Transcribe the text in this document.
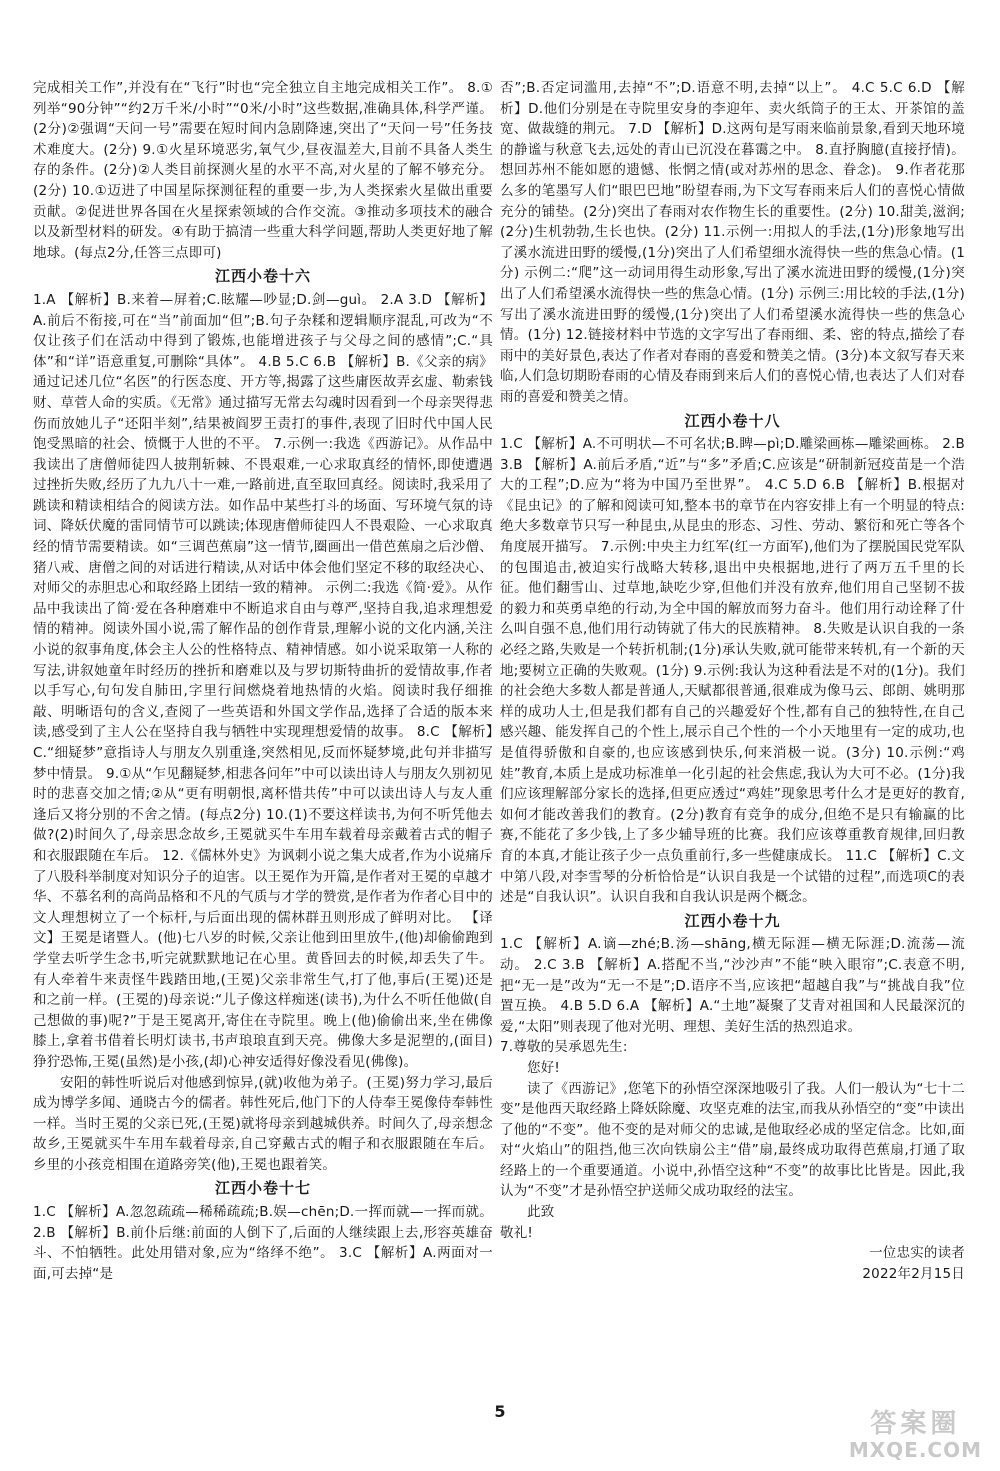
完成相关工作”,并没有在“飞行”时也“完全独立自主地完成相关工作”。 8.①列举“90分钟”“约2万千米/小时”“0米/小时”这些数据,准确具体,科学严谨。(2分)②强调“天问一号”需要在短时间内急剧降速,突出了“天问一号”任务技术难度大。(2分) 9.①火星环境恶劣,氧气少,昼夜温差大,目前不具备人类生存的条件。(2分)②人类目前探测火星的水平不高,对火星的了解不够充分。(2分) 10.①迈进了中国星际探测征程的重要一步,为人类探索火星做出重要贡献。②促进世界各国在火星探索领域的合作交流。③推动多项技术的融合以及新型材料的研发。④有助于搞清一些重大科学问题,帮助人类更好地了解地球。(每点2分,任答三点即可)

江西小卷十六

1.A 【解析】B.来着—屏着;C.眩耀—吵显;D.剑—guì。 2.A 3.D 【解析】A.前后不衔接,可在“当”前面加“但”;B.句子杂糅和逻辑顺序混乱,可改为“不仅让孩子们在活动中得到了锻炼,也能增进孩子与父母之间的感情”;C.“具体”和“详”语意重复,可删除“具体”。 4.B 5.C 6.B 【解析】B.《父亲的病》通过记述几位“名医”的行医态度、开方等,揭露了这些庸医故弄玄虚、勒索钱财、草菅人命的实质。《无常》通过描写无常去勾魂时因看到一个母亲哭得悲伤而放她儿子“还阳半刻”,结果被阎罗王责打的事件,表现了旧时代中国人民饱受黑暗的社会、愤慨于人世的不平。 7.示例一:我选《西游记》。从作品中我读出了唐僧师徒四人披荆斩棘、不畏艰难,一心求取真经的情怀,即使遭遇过挫折失败,经历了九九八十一难,一路前进,直至取回真经。阅读时,我采用了跳读和精读相结合的阅读方法。如作品中某些打斗的场面、写环境气氛的诗词、降妖伏魔的雷同情节可以跳读;体现唐僧师徒四人不畏艰险、一心求取真经的情节需要精读。如“三调芭蕉扇”这一情节,圈画出一借芭蕉扇之后沙僧、猪八戒、唐僧之间的对话进行精读,从对话中体会他们坚定不移的取经决心、对师父的赤胆忠心和取经路上团结一致的精神。 示例二:我选《简·爱》。从作品中我读出了简·爱在各种磨难中不断追求自由与尊严,坚持自我,追求理想爱情的精神。阅读外国小说,需了解作品的创作背景,理解小说的文化内涵,关注小说的叙事角度,体会主人公的性格特点、精神情感。如小说采取第一人称的写法,讲叙她童年时经历的挫折和磨难以及与罗切斯特曲折的爱情故事,作者以手写心,句句发自肺田,字里行间燃烧着地热情的火焰。阅读时我仔细推敲、明晰语句的含义,查阅了一些英语和外国文学作品,选择了合适的版本来读,感受到了主人公在坚持自我与牺牲中实现理想爱情的故事。 8.C 【解析】C.“细疑梦”意指诗人与朋友久别重逢,突然相见,反而怀疑梦境,此句并非描写梦中情景。 9.①从“乍见翻疑梦,相悲各问年”中可以读出诗人与朋友久别初见时的悲喜交加之情;②从“更有明朝恨,离杯惜共传”中可以读出诗人与友人重逢后又将分别的不舍之情。(每点2分) 10.(1)不要这样读书,为何不听凭他去做?(2)时间久了,母亲思念故乡,王冕就买牛车用车载着母亲戴着古式的帽子和衣服跟随在车后。 12.《儒林外史》为讽刺小说之集大成者,作为小说痛斥了八股科举制度对知识分子的迫害。以王冕作为开篇,是作者对王冕的卓越才华、不慕名利的高尚品格和不凡的气质与才学的赞赏,是作者为作者心目中的文人理想树立了一个标杆,与后面出现的儒林群丑则形成了鲜明对比。 【译文】王冕是诸暨人。(他)七八岁的时候,父亲让他到田里放牛,(他)却偷偷跑到学堂去听学生念书,听完就默默地记在心里。黄昏回去的时候,却丢失了牛。有人牵着牛来责怪牛践踏田地,(王冕)父亲非常生气,打了他,事后(王冕)还是和之前一样。(王冕的)母亲说:“儿子像这样痴迷(读书),为什么不听任他做(自己想做的事)呢?”于是王冕离开,寄住在寺院里。晚上(他)偷偷出来,坐在佛像膝上,拿着书借着长明灯读书,书声琅琅直到天亮。佛像大多是泥塑的,(面目)狰狞恐怖,王冕(虽然)是小孩,(却)心神安适得好像没看见(佛像)。

安阳的韩性听说后对他感到惊异,(就)收他为弟子。(王冕)努力学习,最后成为博学多闻、通晓古今的儒者。韩性死后,他门下的人侍奉王冕像侍奉韩性一样。当时王冕的父亲已死,(王冕)就将母亲到越城供养。时间久了,母亲想念故乡,王冕就买牛车用车载着母亲,自己穿戴古式的帽子和衣服跟随在车后。乡里的小孩竞相围在道路旁笑(他),王冕也跟着笑。

江西小卷十七

1.C 【解析】A.忽忽疏疏—稀稀疏疏;B.娱—chēn;D.一挥而就—一挥而就。 2.B 【解析】B.前仆后继:前面的人倒下了,后面的人继续跟上去,形容英雄奋斗、不怕牺牲。此处用错对象,应为“络绎不绝”。 3.C 【解析】A.两面对一面,可去掉“是

否”;B.否定词滥用,去掉“不”;D.语意不明,去掉“以上”。 4.C 5.C 6.D 【解析】D.他们分别是在寺院里安身的李迎年、卖火纸筒子的王太、开茶馆的盖宽、做裁缝的荆元。 7.D 【解析】D.这两句是写雨来临前景象,看到天地环境的静谧与秋意飞去,远处的青山已沉没在暮霭之中。 8.直抒胸臆(直接抒情)。想回苏州不能如愿的遗憾、怅惘之情(或对苏州的思念、眷念)。 9.作者花那么多的笔墨写人们“眼巴巴地”盼望春雨,为下文写春雨来后人们的喜悦心情做充分的铺垫。(2分)突出了春雨对农作物生长的重要性。(2分) 10.甜美,滋润;(2分)生机勃勃,生长也快。(2分) 11.示例一:用拟人的手法,(1分)形象地写出了溪水流进田野的缓慢,(1分)突出了人们希望细水流得快一些的焦急心情。(1分) 示例二:“爬”这一动词用得生动形象,写出了溪水流进田野的缓慢,(1分)突出了人们希望溪水流得快一些的焦急心情。(1分) 示例三:用比较的手法,(1分)写出了溪水流进田野的缓慢,(1分)突出了人们希望溪水流得快一些的焦急心情。(1分) 12.链接材料中节选的文字写出了春雨细、柔、密的特点,描绘了春雨中的美好景色,表达了作者对春雨的喜爱和赞美之情。(3分)本文叙写春天来临,人们急切期盼春雨的心情及春雨到来后人们的喜悦心情,也表达了人们对春雨的喜爱和赞美之情。

江西小卷十八

1.C 【解析】A.不可明状—不可名状;B.睥—pì;D.雕梁画栋—雕梁画栋。 2.B 3.B 【解析】A.前后矛盾,“近”与“多”矛盾;C.应该是“研制新冠疫苗是一个浩大的工程”;D.应为“将为中国乃至世界”。 4.C 5.D 6.B 【解析】B.根据对《昆虫记》的了解和阅读可知,整本书的章节在内容安排上有一个明显的特点:绝大多数章节只写一种昆虫,从昆虫的形态、习性、劳动、繁衍和死亡等各个角度展开描写。 7.示例:中央主力红军(红一方面军),他们为了摆脱国民党军队的包围追击,被迫实行战略大转移,退出中央根据地,进行了两万五千里的长征。他们翻雪山、过草地,缺吃少穿,但他们并没有放弃,他们用自己坚韧不拔的毅力和英勇卓绝的行动,为全中国的解放而努力奋斗。他们用行动诠释了什么叫自强不息,他们用行动铸就了伟大的民族精神。 8.失败是认识自我的一条必经之路,失败是一个转折机制;(1分)承认失败,就可能带来转机,有一个新的天地;要树立正确的失败观。(1分) 9.示例:我认为这种看法是不对的(1分)。我们的社会绝大多数人都是普通人,天赋都很普通,很难成为像马云、郎朗、姚明那样的成功人士,但是我们都有自己的兴趣爱好个性,都有自己的独特性,在自己感兴趣、能发挥自己的个性上,展示自己个性的一个小天地里有一定的成功,也是值得骄傲和自豪的,也应该感到快乐,何来消极一说。(3分) 10.示例:“鸡娃”教育,本质上是成功标准单一化引起的社会焦虑,我认为大可不必。(1分)我们应该理解部分家长的选择,但更应透过“鸡娃”现象思考什么才是更好的教育,如何才能改善我们的教育。(2分)教育有竞争的成分,但绝不是只有输赢的比赛,不能花了多少钱,上了多少辅导班的比赛。我们应该尊重教育规律,回归教育的本真,才能让孩子少一点负重前行,多一些健康成长。 11.C 【解析】C.文中第八段,对李雪琴的分析恰恰是“认识自我是一个试错的过程”,而选项C的表述是“自我认识”。认识自我和自我认识是两个概念。

江西小卷十九

1.C 【解析】A.谪—zhé;B.汤—shāng,横无际涯—横无际涯;D.流荡—流动。 2.C 3.B 【解析】A.搭配不当,“沙沙声”不能“映入眼帘”;C.表意不明,把“无一是”改为“无一不是”;D.语序不当,应该把“超越自我”与“挑战自我”位置互换。 4.B 5.D 6.A 【解析】A.“土地”凝聚了艾青对祖国和人民最深沉的爱,“太阳”则表现了他对光明、理想、美好生活的热烈追求。

7.尊敬的吴承恩先生:

您好!

读了《西游记》,您笔下的孙悟空深深地吸引了我。人们一般认为“七十二变”是他西天取经路上降妖除魔、攻坚克难的法宝,而我从孙悟空的“变”中读出了他的“不变”。他不变的是对师父的忠诚,是他取经必成的坚定信念。比如,面对“火焰山”的阻挡,他三次向铁扇公主“借”扇,最终成功取得芭蕉扇,打通了取经路上的一个重要通道。小说中,孙悟空这种“不变”的故事比比皆是。因此,我认为“不变”才是孙悟空护送师父成功取经的法宝。

此致

敬礼!

一位忠实的读者

2022年2月15日

5	答案圈
MXQE.COM
